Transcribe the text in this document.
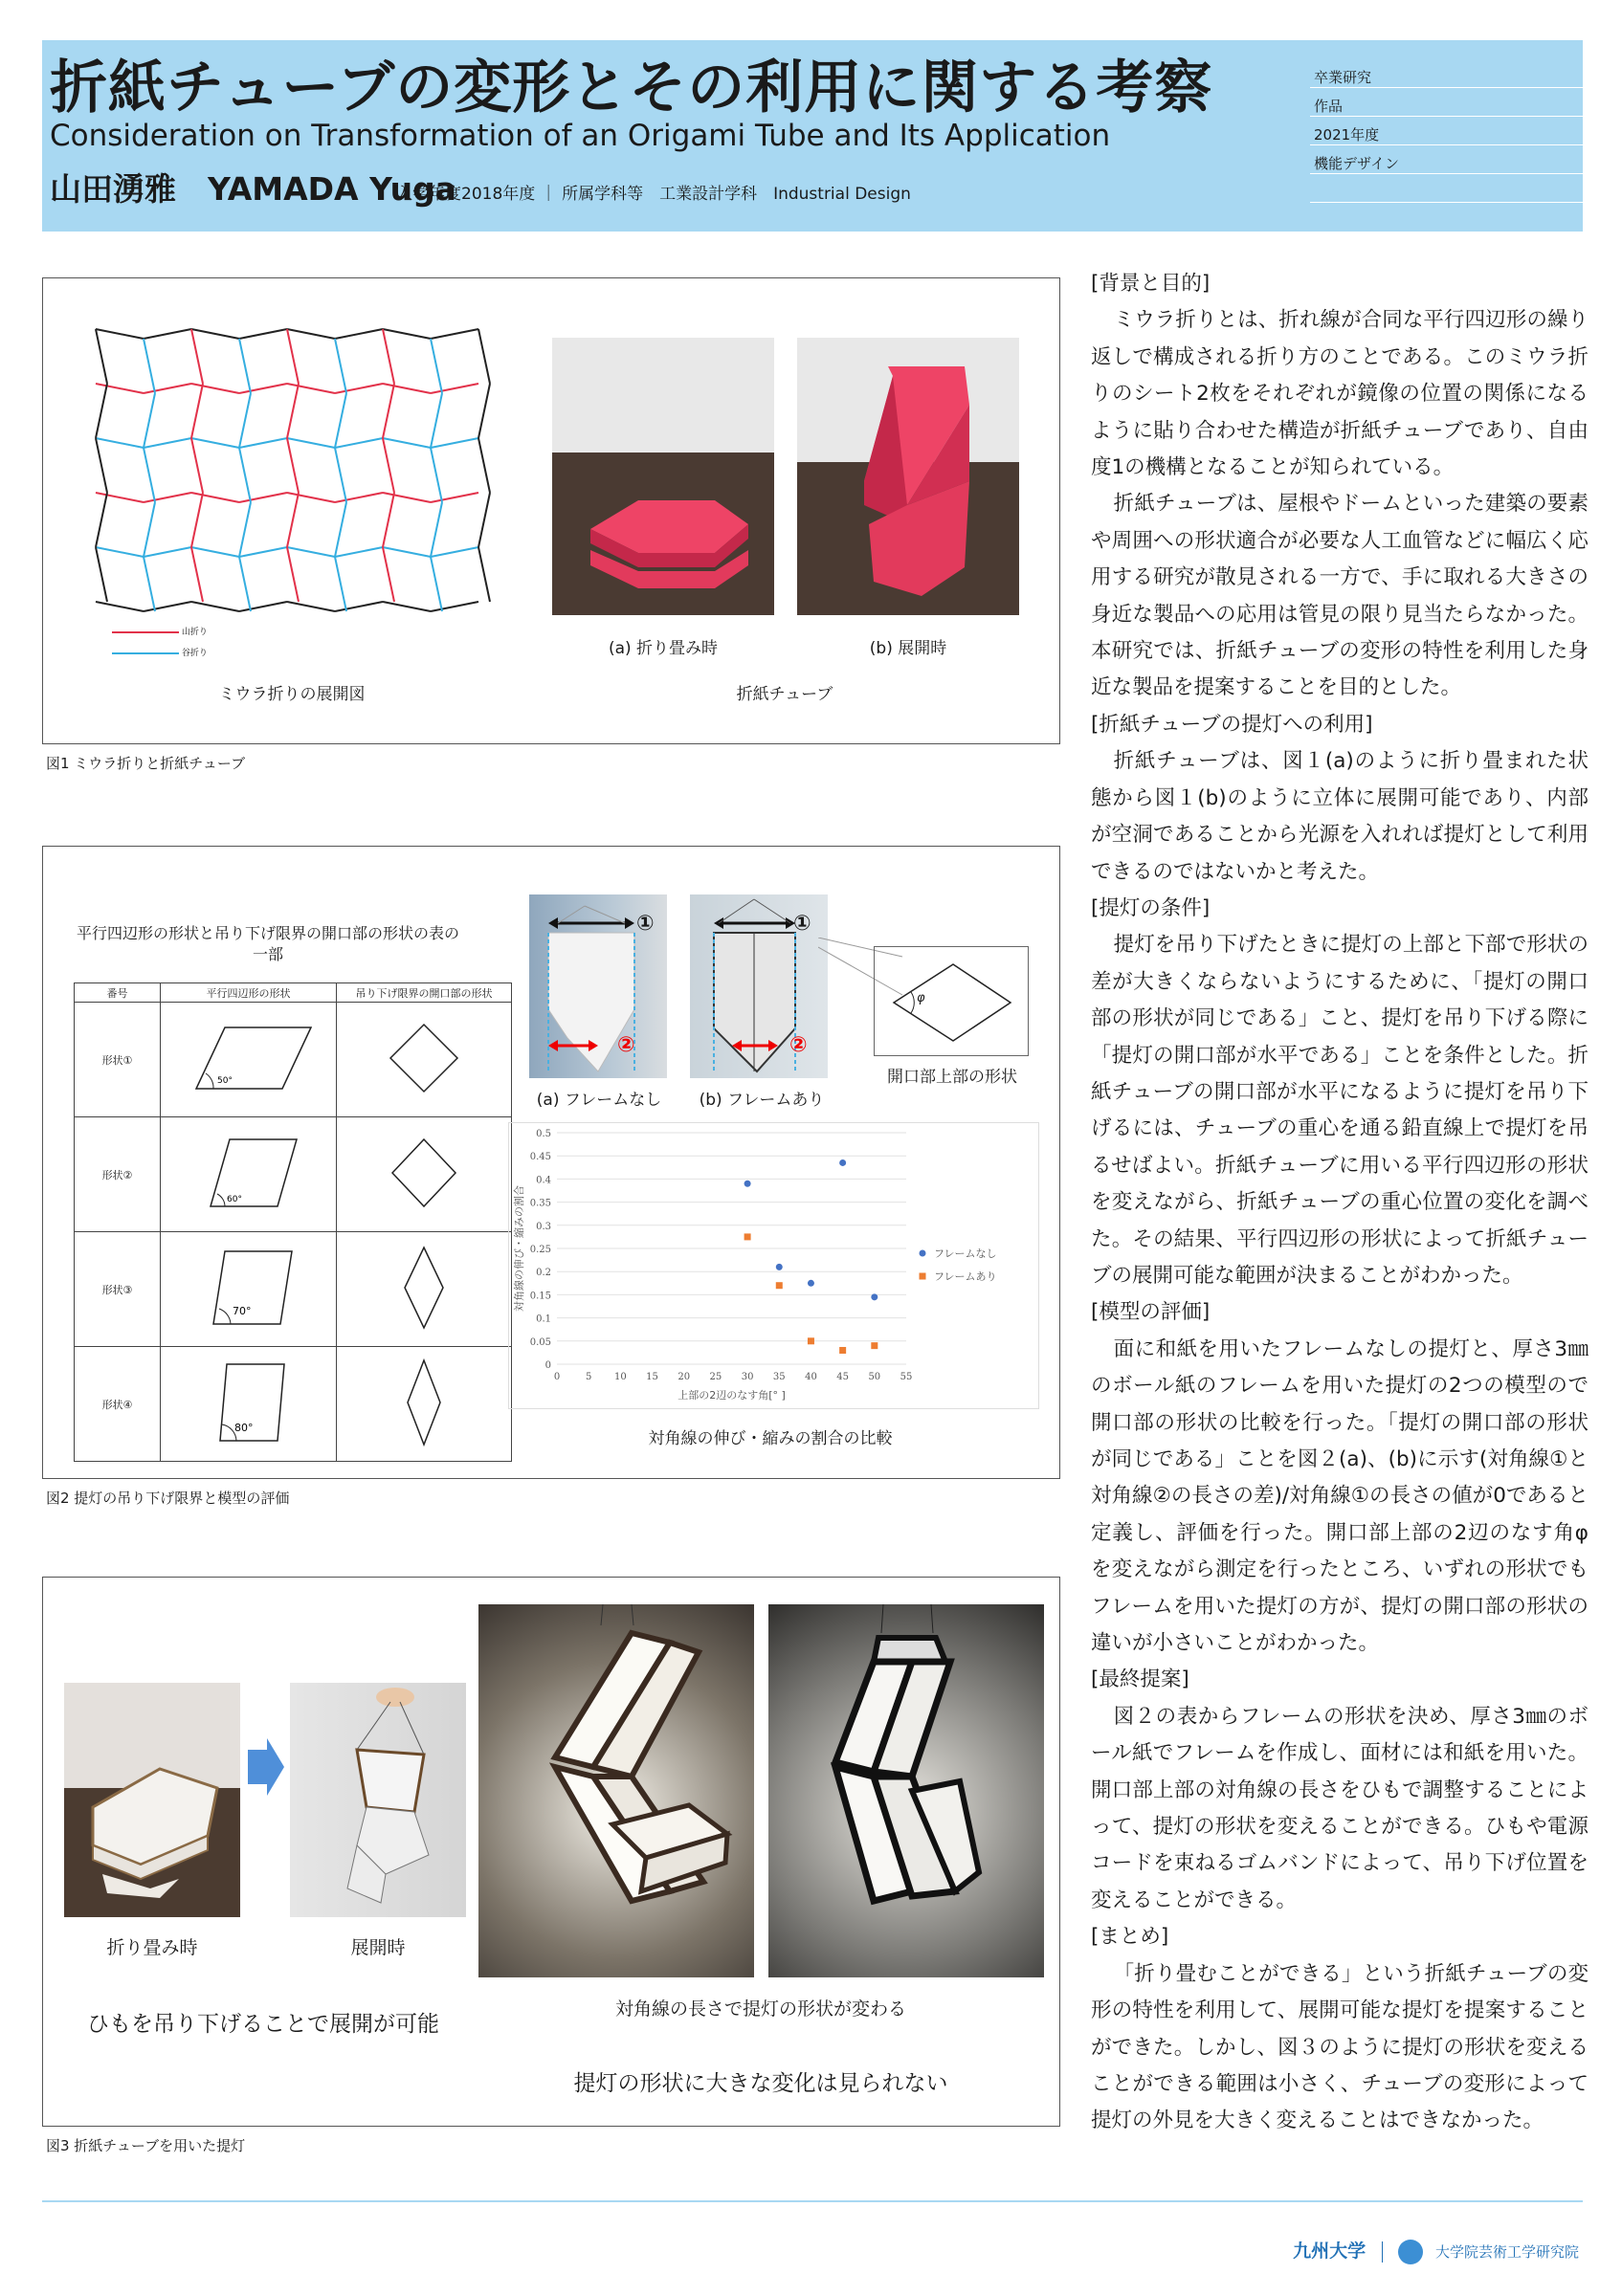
折紙チューブの変形とその利用に関する考察
Consideration on Transformation of an Origami Tube and Its Application
山田湧雅　YAMADA Yuga
入学年度2018年度 ｜ 所属学科等　工業設計学科　Industrial Design
卒業研究
作品
2021年度
機能デザイン
山折り
谷折り
ミウラ折りの展開図
(a) 折り畳み時	(b) 展開時
折紙チューブ
図1 ミウラ折りと折紙チューブ
平行四辺形の形状と吊り下げ限界の開口部の形状の表の一部
番号	平行四辺形の形状	吊り下げ限界の開口部の形状
形状①	50°

形状②	60°

形状③	70°

形状④	80°

①
②
①
②
(a) フレームなし	(b) フレームあり
φ
開口部上部の形状
0
0.05
0.1
0.15
0.2
0.25
0.3
0.35
0.4
0.45
0.5
0	5 10 15 20 25 30 35 40 45 50 55
上部の2辺のなす角[° ]
対角線の伸び・縮みの割合	フレームなし
フレームあり
対角線の伸び・縮みの割合の比較
図2 提灯の吊り下げ限界と模型の評価
折り畳み時	展開時
ひもを吊り下げることで展開が可能
対角線の長さで提灯の形状が変わる
提灯の形状に大きな変化は見られない
図3 折紙チューブを用いた提灯
[背景と目的]
ミウラ折りとは、折れ線が合同な平行四辺形の繰り返しで構成される折り方のことである。このミウラ折りのシート2枚をそれぞれが鏡像の位置の関係になるように貼り合わせた構造が折紙チューブであり、自由度1の機構となることが知られている。
折紙チューブは、屋根やドームといった建築の要素や周囲への形状適合が必要な人工血管などに幅広く応用する研究が散見される一方で、手に取れる大きさの身近な製品への応用は管見の限り見当たらなかった。本研究では、折紙チューブの変形の特性を利用した身近な製品を提案することを目的とした。
[折紙チューブの提灯への利用]
折紙チューブは、図１(a)のように折り畳まれた状態から図１(b)のように立体に展開可能であり、内部が空洞であることから光源を入れれば提灯として利用できるのではないかと考えた。
[提灯の条件]
提灯を吊り下げたときに提灯の上部と下部で形状の差が大きくならないようにするために、「提灯の開口部の形状が同じである」こと、提灯を吊り下げる際に「提灯の開口部が水平である」ことを条件とした。折紙チューブの開口部が水平になるように提灯を吊り下げるには、チューブの重心を通る鉛直線上で提灯を吊るせばよい。折紙チューブに用いる平行四辺形の形状を変えながら、折紙チューブの重心位置の変化を調べた。その結果、平行四辺形の形状によって折紙チューブの展開可能な範囲が決まることがわかった。
[模型の評価]
面に和紙を用いたフレームなしの提灯と、厚さ3㎜のボール紙のフレームを用いた提灯の2つの模型ので開口部の形状の比較を行った。「提灯の開口部の形状が同じである」ことを図２(a)、(b)に示す(対角線①と対角線②の長さの差)/対角線①の長さの値が0であると定義し、評価を行った。開口部上部の2辺のなす角φを変えながら測定を行ったところ、いずれの形状でもフレームを用いた提灯の方が、提灯の開口部の形状の違いが小さいことがわかった。
[最終提案]
図２の表からフレームの形状を決め、厚さ3㎜のボール紙でフレームを作成し、面材には和紙を用いた。開口部上部の対角線の長さをひもで調整することによって、提灯の形状を変えることができる。ひもや電源コードを束ねるゴムバンドによって、吊り下げ位置を変えることができる。
[まとめ]
「折り畳むことができる」という折紙チューブの変形の特性を利用して、展開可能な提灯を提案することができた。しかし、図３のように提灯の形状を変えることができる範囲は小さく、チューブの変形によって提灯の外見を大きく変えることはできなかった。
九州大学	大学院芸術工学研究院
